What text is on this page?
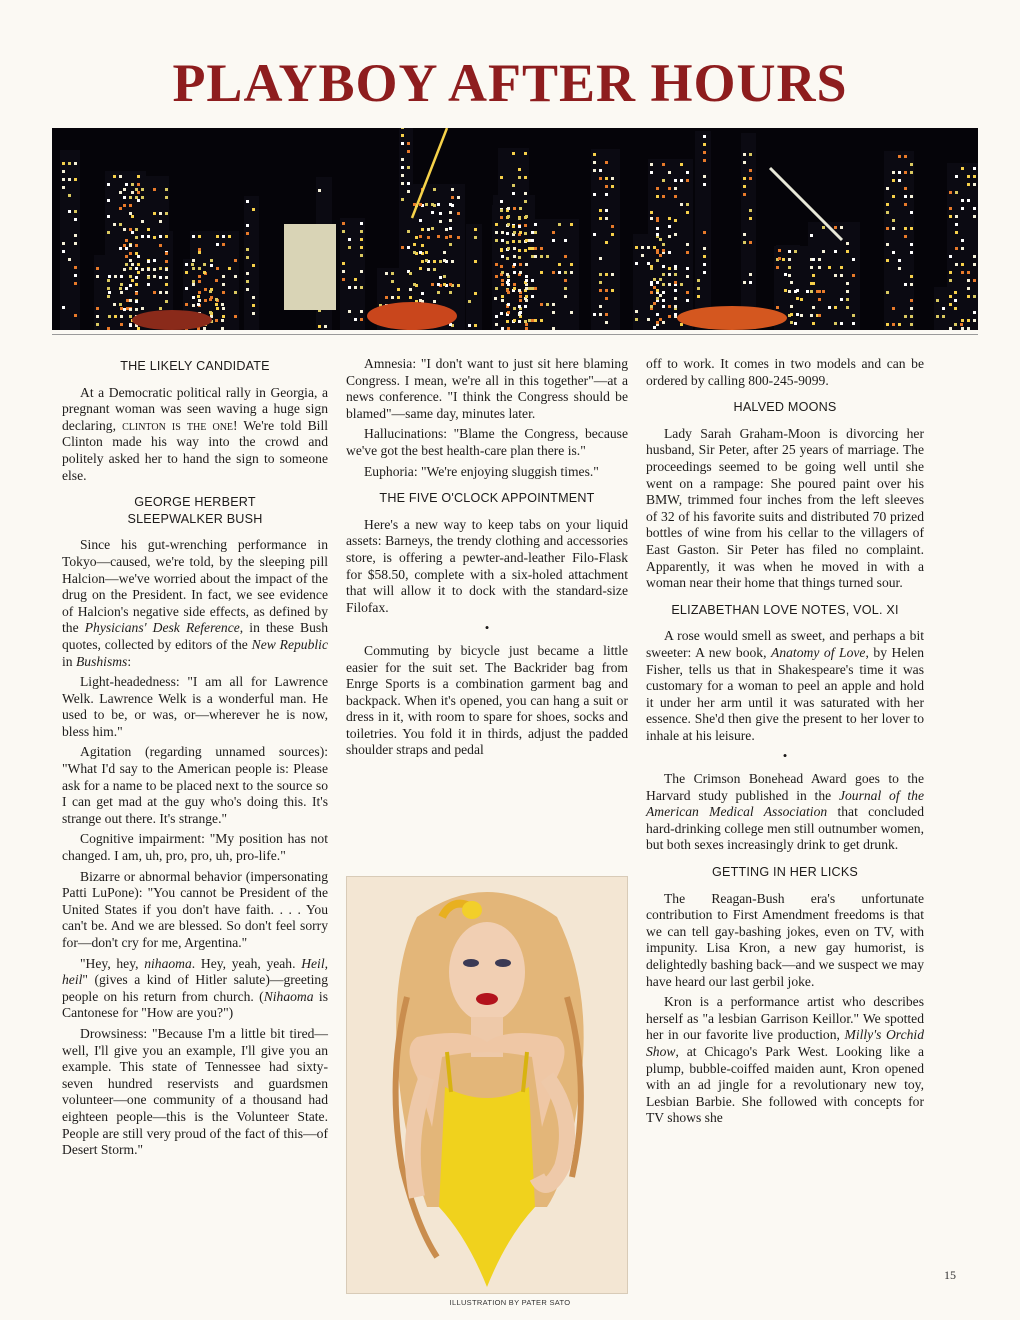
PLAYBOY AFTER HOURS
THE LIKELY CANDIDATE

At a Democratic political rally in Georgia, a pregnant woman was seen waving a huge sign declaring, clinton is the one! We're told Bill Clinton made his way into the crowd and politely asked her to hand the sign to someone else.

GEORGE HERBERT
SLEEPWALKER BUSH

Since his gut-wrenching performance in Tokyo—caused, we're told, by the sleeping pill Halcion—we've worried about the impact of the drug on the President. In fact, we see evidence of Halcion's negative side effects, as defined by the Physicians' Desk Reference, in these Bush quotes, collected by editors of the New Republic in Bushisms:

Light-headedness: "I am all for Lawrence Welk. Lawrence Welk is a wonderful man. He used to be, or was, or—wherever he is now, bless him."

Agitation (regarding unnamed sources): "What I'd say to the American people is: Please ask for a name to be placed next to the source so I can get mad at the guy who's doing this. It's strange out there. It's strange."

Cognitive impairment: "My position has not changed. I am, uh, pro, pro, uh, pro-life."

Bizarre or abnormal behavior (impersonating Patti LuPone): "You cannot be President of the United States if you don't have faith. . . . You can't be. And we are blessed. So don't feel sorry for—don't cry for me, Argentina."

"Hey, hey, nihaoma. Hey, yeah, yeah. Heil, heil" (gives a kind of Hitler salute)—greeting people on his return from church. (Nihaoma is Cantonese for "How are you?")

Drowsiness: "Because I'm a little bit tired—well, I'll give you an example, I'll give you an example. This state of Tennessee had sixty-seven hundred reservists and guardsmen volunteer—one community of a thousand had eighteen people—this is the Volunteer State. People are still very proud of the fact of this—of Desert Storm."

Amnesia: "I don't want to just sit here blaming Congress. I mean, we're all in this together"—at a news conference. "I think the Congress should be blamed"—same day, minutes later.

Hallucinations: "Blame the Congress, because we've got the best health-care plan there is."

Euphoria: "We're enjoying sluggish times."

THE FIVE O'CLOCK APPOINTMENT

Here's a new way to keep tabs on your liquid assets: Barneys, the trendy clothing and accessories store, is offering a pewter-and-leather Filo-Flask for $58.50, complete with a six-holed attachment that will allow it to dock with the standard-size Filofax.

•

Commuting by bicycle just became a little easier for the suit set. The Backrider bag from Enrge Sports is a combination garment bag and backpack. When it's opened, you can hang a suit or dress in it, with room to spare for shoes, socks and toiletries. You fold it in thirds, adjust the padded shoulder straps and pedal

off to work. It comes in two models and can be ordered by calling 800-245-9099.

HALVED MOONS

Lady Sarah Graham-Moon is divorcing her husband, Sir Peter, after 25 years of marriage. The proceedings seemed to be going well until she went on a rampage: She poured paint over his BMW, trimmed four inches from the left sleeves of 32 of his favorite suits and distributed 70 prized bottles of wine from his cellar to the villagers of East Gaston. Sir Peter has filed no complaint. Apparently, it was when he moved in with a woman near their home that things turned sour.

ELIZABETHAN LOVE NOTES, VOL. XI

A rose would smell as sweet, and perhaps a bit sweeter: A new book, Anatomy of Love, by Helen Fisher, tells us that in Shakespeare's time it was customary for a woman to peel an apple and hold it under her arm until it was saturated with her essence. She'd then give the present to her lover to inhale at his leisure.

•

The Crimson Bonehead Award goes to the Harvard study published in the Journal of the American Medical Association that concluded hard-drinking college men still outnumber women, but both sexes increasingly drink to get drunk.

GETTING IN HER LICKS

The Reagan-Bush era's unfortunate contribution to First Amendment freedoms is that we can tell gay-bashing jokes, even on TV, with impunity. Lisa Kron, a new gay humorist, is delightedly bashing back—and we suspect we may have heard our last gerbil joke.

Kron is a performance artist who describes herself as "a lesbian Garrison Keillor." We spotted her in our favorite live production, Milly's Orchid Show, at Chicago's Park West. Looking like a plump, bubble-coiffed maiden aunt, Kron opened with an ad jingle for a revolutionary new toy, Lesbian Barbie. She followed with concepts for TV shows she

15
ILLUSTRATION BY PATER SATO
